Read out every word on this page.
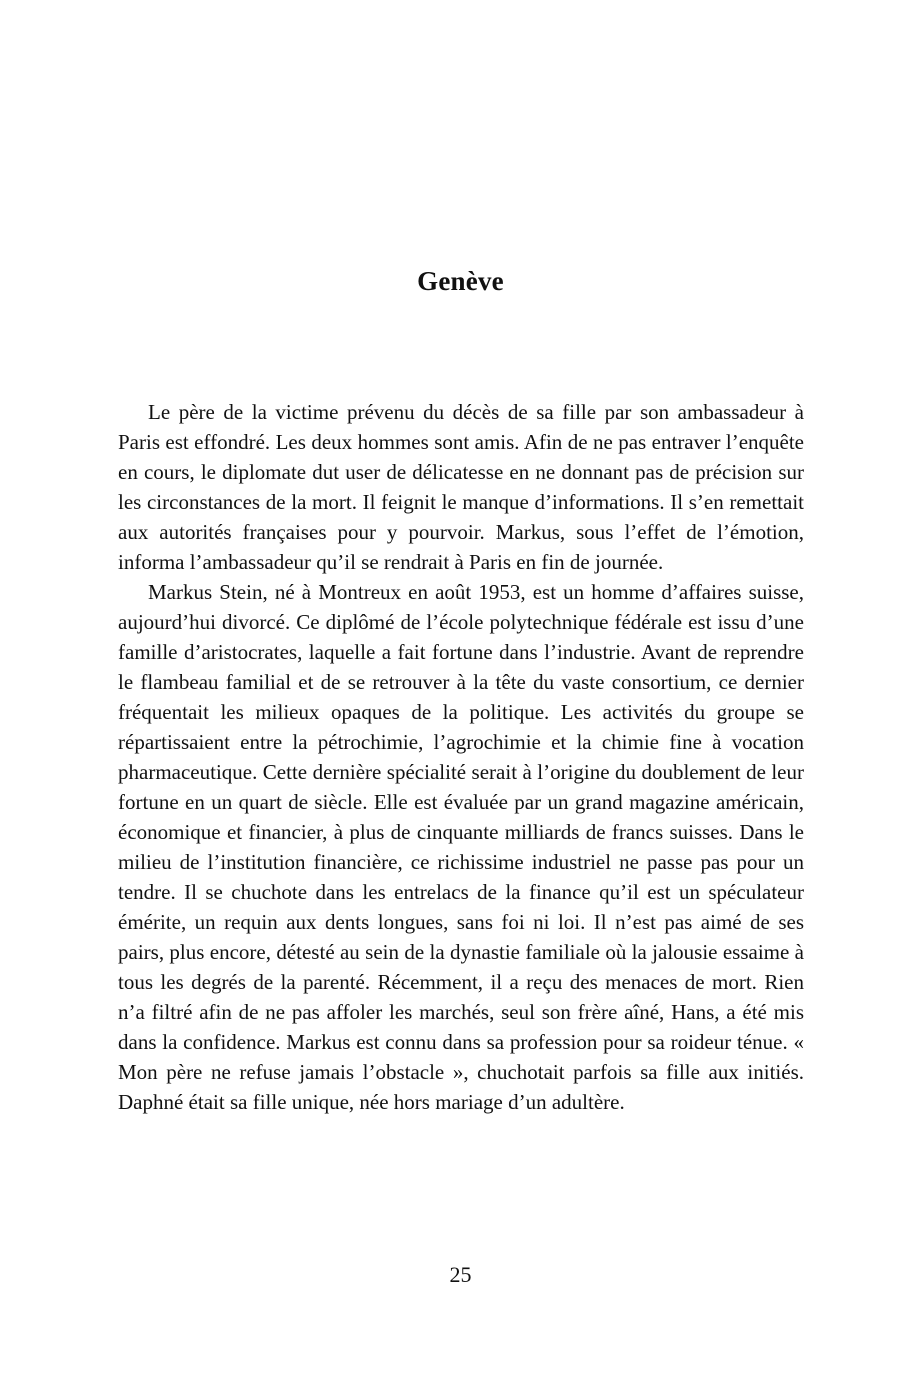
Genève

Le père de la victime prévenu du décès de sa fille par son ambassadeur à Paris est effondré. Les deux hommes sont amis. Afin de ne pas entraver l’enquête en cours, le diplomate dut user de délicatesse en ne donnant pas de précision sur les circonstances de la mort. Il feignit le manque d’informations. Il s’en remettait aux autorités françaises pour y pourvoir. Markus, sous l’effet de l’émotion, informa l’ambassadeur qu’il se rendrait à Paris en fin de journée.

Markus Stein, né à Montreux en août 1953, est un homme d’affaires suisse, aujourd’hui divorcé. Ce diplômé de l’école polytechnique fédérale est issu d’une famille d’aristocrates, laquelle a fait fortune dans l’industrie. Avant de reprendre le flambeau familial et de se retrouver à la tête du vaste consortium, ce dernier fréquentait les milieux opaques de la politique. Les activités du groupe se répartissaient entre la pétrochimie, l’agrochimie et la chimie fine à vocation pharmaceutique. Cette dernière spécialité serait à l’origine du doublement de leur fortune en un quart de siècle. Elle est évaluée par un grand magazine américain, économique et financier, à plus de cinquante milliards de francs suisses. Dans le milieu de l’institution financière, ce richissime industriel ne passe pas pour un tendre. Il se chuchote dans les entrelacs de la finance qu’il est un spéculateur émérite, un requin aux dents longues, sans foi ni loi. Il n’est pas aimé de ses pairs, plus encore, détesté au sein de la dynastie familiale où la jalousie essaime à tous les degrés de la parenté. Récemment, il a reçu des menaces de mort. Rien n’a filtré afin de ne pas affoler les marchés, seul son frère aîné, Hans, a été mis dans la confidence. Markus est connu dans sa profession pour sa roideur ténue. « Mon père ne refuse jamais l’obstacle », chuchotait parfois sa fille aux initiés. Daphné était sa fille unique, née hors mariage d’un adultère.

25
